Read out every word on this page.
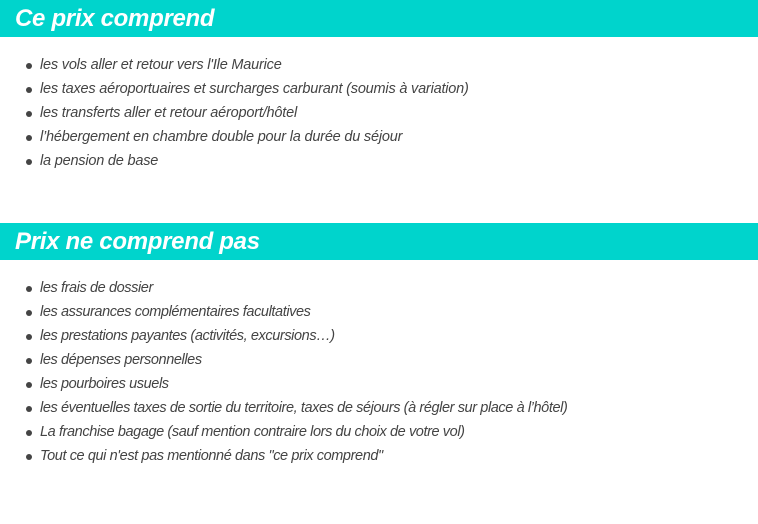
Ce prix comprend
les vols aller et retour vers l'Ile Maurice
les taxes aéroportuaires et surcharges carburant (soumis à variation)
les transferts aller et retour aéroport/hôtel
l’hébergement en chambre double pour la durée du séjour
la pension de base
Prix ne comprend pas
les frais de dossier
les assurances complémentaires facultatives
les prestations payantes (activités, excursions…)
les dépenses personnelles
les pourboires usuels
les éventuelles taxes de sortie du territoire, taxes de séjours (à régler sur place à l’hôtel)
La franchise bagage (sauf mention contraire lors du choix de votre vol)
Tout ce qui n'est pas mentionné dans "ce prix comprend"
